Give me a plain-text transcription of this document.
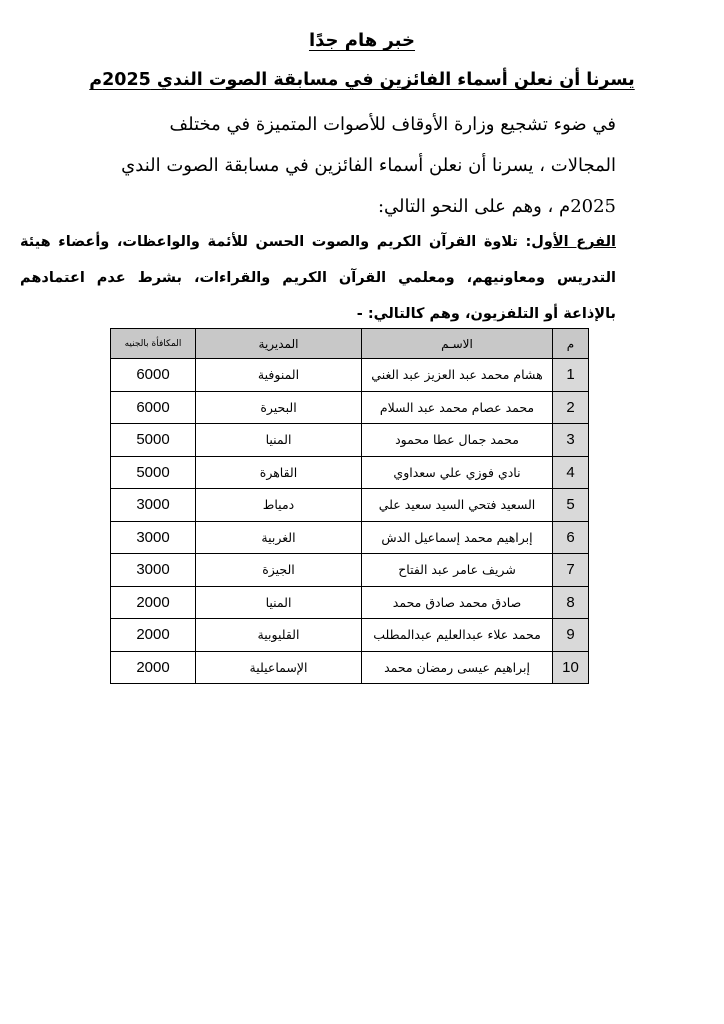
خبر هام جدًا
يسرنا أن نعلن أسماء الفائزين في مسابقة الصوت الندي 2025م
في ضوء تشجيع وزارة الأوقاف للأصوات المتميزة في مختلف المجالات ، يسرنا أن نعلن أسماء الفائزين في مسابقة الصوت الندي 2025م ، وهم على النحو التالي:
الفرع الأول: تلاوة القرآن الكريم والصوت الحسن للأئمة والواعظات، وأعضاء هيئة التدريس ومعاونيهم، ومعلمي القرآن الكريم والقراءات، بشرط عدم اعتمادهم بالإذاعة أو التلفزيون، وهم كالتالي: -
م	الاسـم	المديرية	المكافأة بالجنيه
1	هشام محمد عبد العزيز عبد الغني	المنوفية	6000
2	محمد عصام محمد عبد السلام	البحيرة	6000
3	محمد جمال عطا محمود	المنيا	5000
4	نادي فوزي علي سعداوي	القاهرة	5000
5	السعيد فتحي السيد سعيد علي	دمياط	3000
6	إبراهيم محمد إسماعيل الدش	الغربية	3000
7	شريف عامر عبد الفتاح	الجيزة	3000
8	صادق محمد صادق محمد	المنيا	2000
9	محمد علاء عبدالعليم عبدالمطلب	القليوبية	2000
10	إبراهيم عيسى رمضان محمد	الإسماعيلية	2000
